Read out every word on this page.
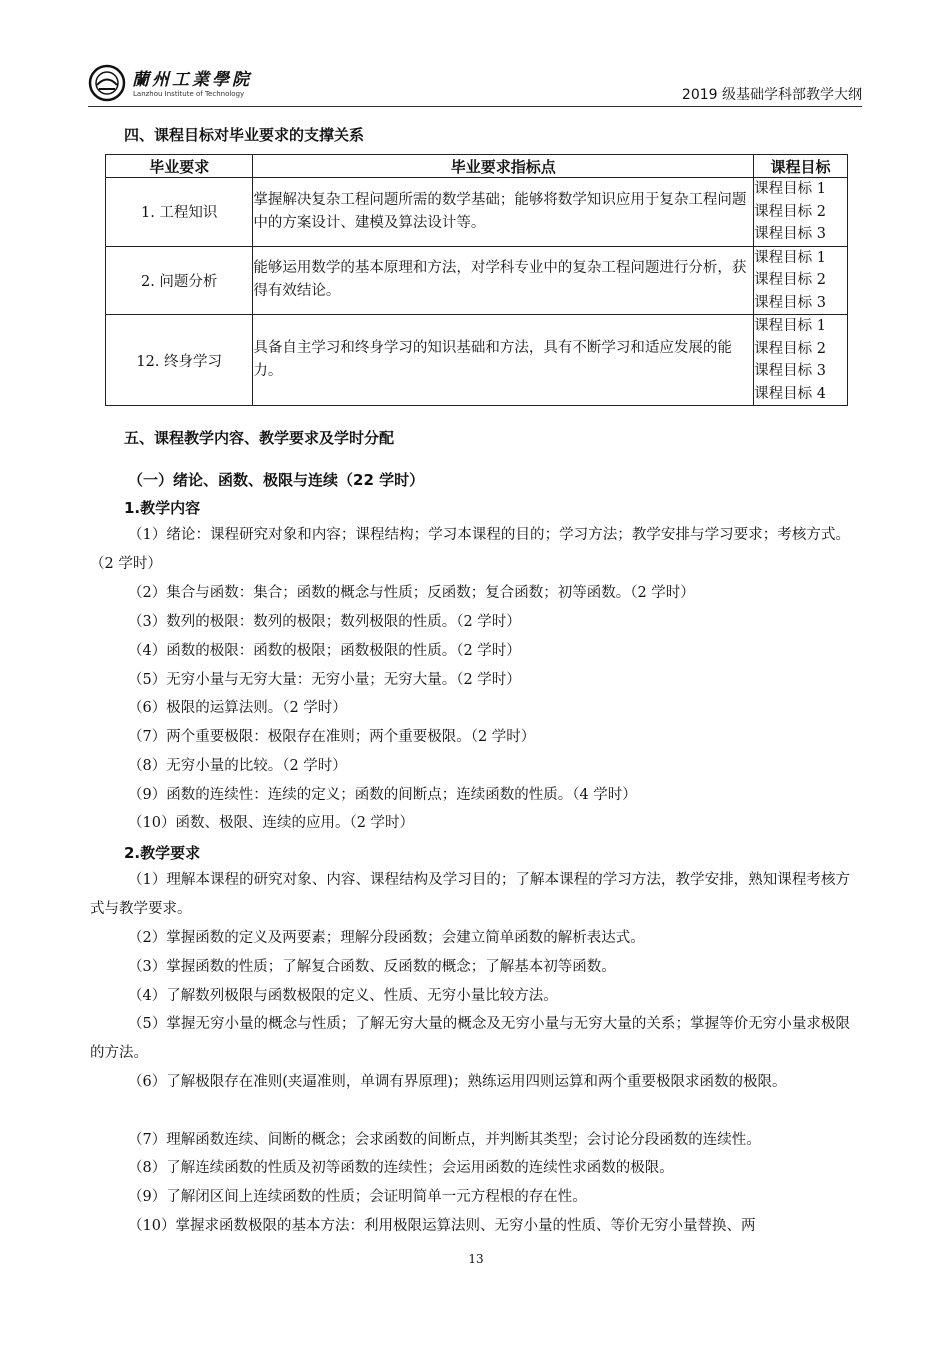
蘭州工業學院
Lanzhou Institute of Technology	2019 级基础学科部教学大纲
四、课程目标对毕业要求的支撑关系
毕业要求	毕业要求指标点	课程目标
1. 工程知识	掌握解决复杂工程问题所需的数学基础；能够将数学知识应用于复杂工程问题中的方案设计、建模及算法设计等。	课程目标 1
课程目标 2
课程目标 3

2. 问题分析	能够运用数学的基本原理和方法，对学科专业中的复杂工程问题进行分析，获得有效结论。	课程目标 1
课程目标 2
课程目标 3

12. 终身学习	具备自主学习和终身学习的知识基础和方法，具有不断学习和适应发展的能力。	课程目标 1
课程目标 2
课程目标 3
课程目标 4
五、课程教学内容、教学要求及学时分配
（一）绪论、函数、极限与连续（22 学时）
1.教学内容
（1）绪论：课程研究对象和内容；课程结构；学习本课程的目的；学习方法；教学安排与学习要求；考核方式。（2 学时）
（2）集合与函数：集合；函数的概念与性质；反函数；复合函数；初等函数。（2 学时）
（3）数列的极限：数列的极限；数列极限的性质。（2 学时）
（4）函数的极限：函数的极限；函数极限的性质。（2 学时）
（5）无穷小量与无穷大量：无穷小量；无穷大量。（2 学时）
（6）极限的运算法则。（2 学时）
（7）两个重要极限：极限存在准则；两个重要极限。（2 学时）
（8）无穷小量的比较。（2 学时）
（9）函数的连续性：连续的定义；函数的间断点；连续函数的性质。（4 学时）
（10）函数、极限、连续的应用。（2 学时）
2.教学要求
（1）理解本课程的研究对象、内容、课程结构及学习目的；了解本课程的学习方法，教学安排，熟知课程考核方式与教学要求。
（2）掌握函数的定义及两要素；理解分段函数；会建立简单函数的解析表达式。
（3）掌握函数的性质；了解复合函数、反函数的概念；了解基本初等函数。
（4）了解数列极限与函数极限的定义、性质、无穷小量比较方法。
（5）掌握无穷小量的概念与性质；了解无穷大量的概念及无穷小量与无穷大量的关系；掌握等价无穷小量求极限的方法。
（6）了解极限存在准则(夹逼准则，单调有界原理)；熟练运用四则运算和两个重要极限求函数的极限。
（7）理解函数连续、间断的概念；会求函数的间断点，并判断其类型；会讨论分段函数的连续性。
（8）了解连续函数的性质及初等函数的连续性；会运用函数的连续性求函数的极限。
（9）了解闭区间上连续函数的性质；会证明简单一元方程根的存在性。
（10）掌握求函数极限的基本方法：利用极限运算法则、无穷小量的性质、等价无穷小量替换、两
13
